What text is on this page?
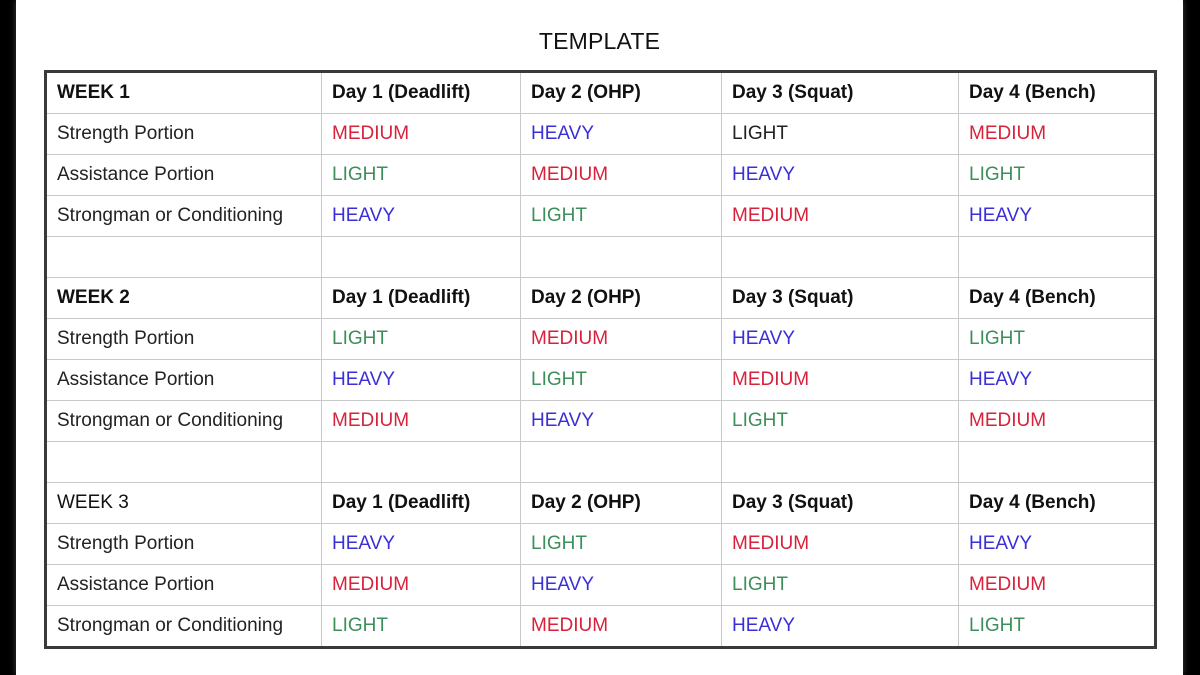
TEMPLATE
WEEK 1	Day 1 (Deadlift)	Day 2 (OHP)	Day 3 (Squat)	Day 4 (Bench)
Strength Portion	MEDIUM	HEAVY	LIGHT	MEDIUM
Assistance Portion	LIGHT	MEDIUM	HEAVY	LIGHT
Strongman or Conditioning	HEAVY	LIGHT	MEDIUM	HEAVY

WEEK 2	Day 1 (Deadlift)	Day 2 (OHP)	Day 3 (Squat)	Day 4 (Bench)
Strength Portion	LIGHT	MEDIUM	HEAVY	LIGHT
Assistance Portion	HEAVY	LIGHT	MEDIUM	HEAVY
Strongman or Conditioning	MEDIUM	HEAVY	LIGHT	MEDIUM

WEEK 3	Day 1 (Deadlift)	Day 2 (OHP)	Day 3 (Squat)	Day 4 (Bench)
Strength Portion	HEAVY	LIGHT	MEDIUM	HEAVY
Assistance Portion	MEDIUM	HEAVY	LIGHT	MEDIUM
Strongman or Conditioning	LIGHT	MEDIUM	HEAVY	LIGHT
